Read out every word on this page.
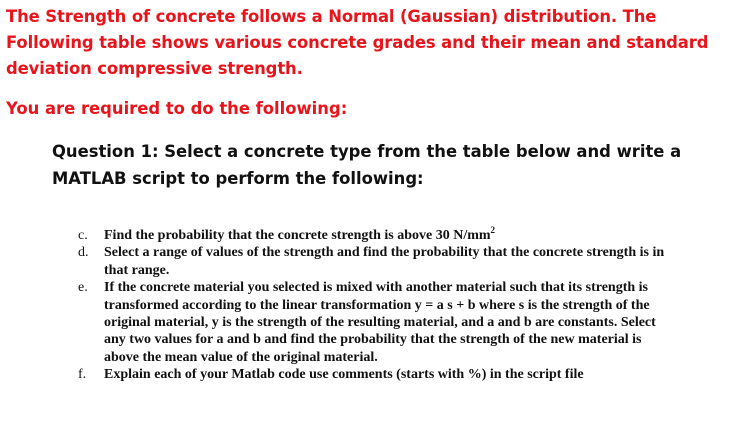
The Strength of concrete follows a Normal (Gaussian) distribution. The Following table shows various concrete grades and their mean and standard deviation compressive strength.

You are required to do the following:

Question 1: Select a concrete type from the table below and write a MATLAB script to perform the following:

c.	Find the probability that the concrete strength is above 30 $N/mm^2$
d.	Select a range of values of the strength and find the probability that the concrete strength is in that range.
e.	If the concrete material you selected is mixed with another material such that its strength is transformed according to the linear transformation y = a s + b where s is the strength of the original material, y is the strength of the resulting material, and a and b are constants. Select any two values for a and b and find the probability that the strength of the new material is above the mean value of the original material.
f.	Explain each of your Matlab code use comments (starts with %) in the script file
